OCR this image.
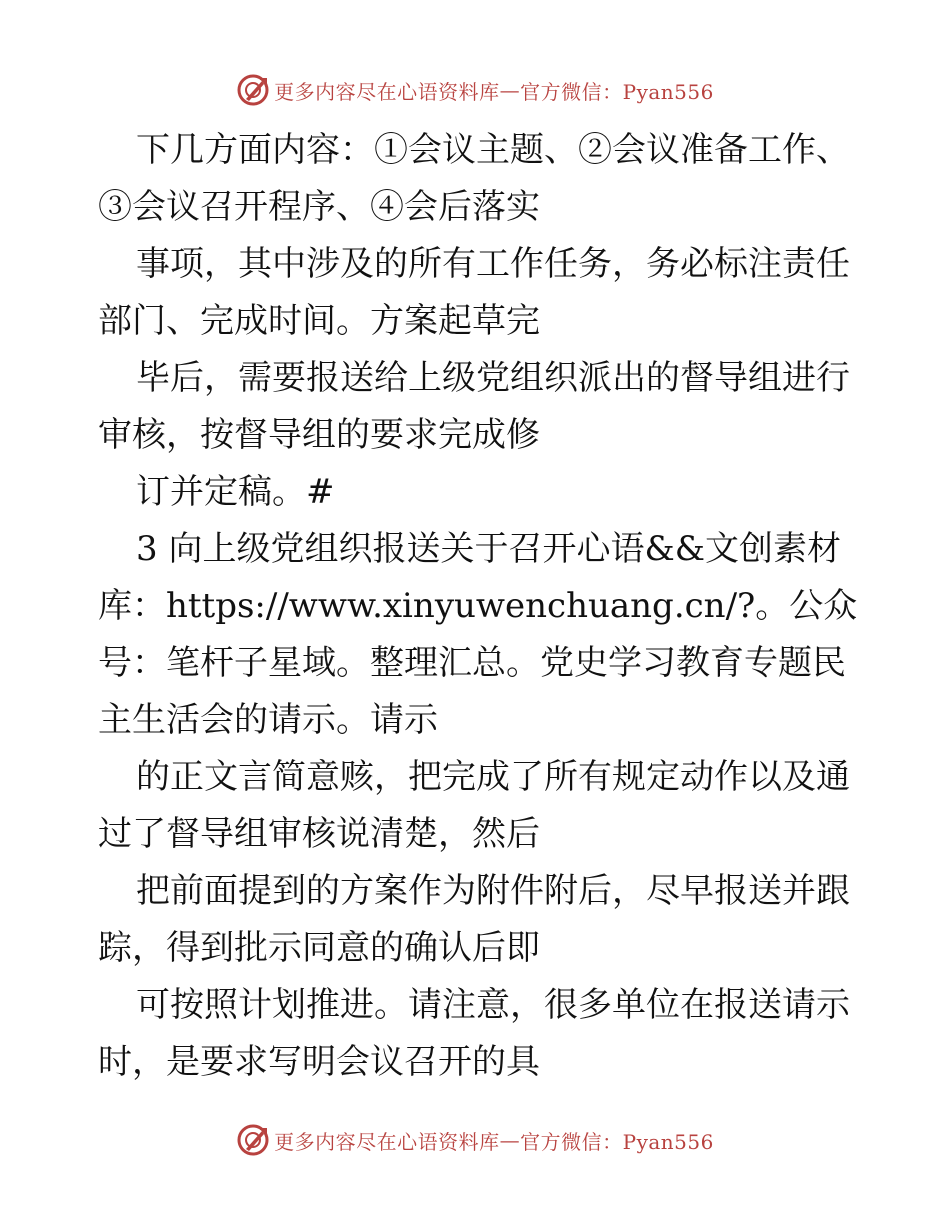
更多内容尽在心语资料库 — 官方微信：Pyan556
下几方面内容：①会议主题、②会议准备工作、
③会议召开程序、④会后落实
事项，其中涉及的所有工作任务，务必标注责任
部门、完成时间。方案起草完
毕后，需要报送给上级党组织派出的督导组进行
审核，按督导组的要求完成修
订并定稿。#
3 向上级党组织报送关于召开心语&&文创素材
库：https://www.xinyuwenchuang.cn/?。公众
号：笔杆子星域。整理汇总。党史学习教育专题民
主生活会的请示。请示
的正文言简意赅，把完成了所有规定动作以及通
过了督导组审核说清楚，然后
把前面提到的方案作为附件附后，尽早报送并跟
踪，得到批示同意的确认后即
可按照计划推进。请注意，很多单位在报送请示
时，是要求写明会议召开的具
更多内容尽在心语资料库 — 官方微信：Pyan556
